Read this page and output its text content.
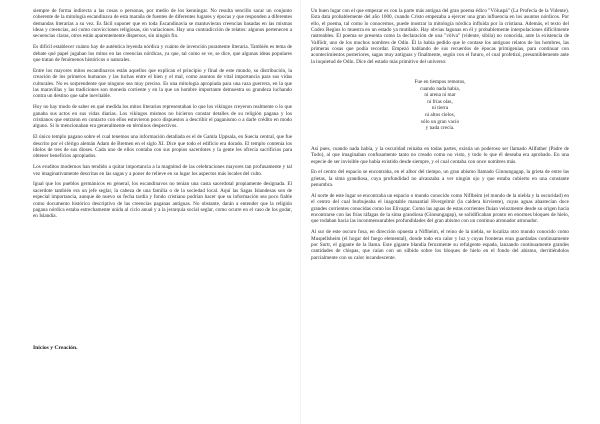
siempre de forma indirecta a las cosas o personas, por medio de los kenningar. No resulta sencillo sacar un conjunto coherente de la mitología escandinava de esta maraña de fuentes de diferentes lugares y épocas y que responden a diferentes demandas literarias a su vez. Es fácil suponer que en toda Escandinavia se mantuvieran creencias basadas en las mismas ideas y creencias, así como convicciones religiosas, sin variaciones. Hay una contradicción de relatos: algunos pertenecen a secuencias claras, otros están aparentemente dispersos, sin ningún fin.

Es difícil establecer cuánto hay de auténtica leyenda nórdica y cuánto de invención puramente literaria. También es tema de debate qué papel jugaban los mitos en las creencias nórdicas, ya que, tal como se ve, se dice, que algunas ideas populares que tratan de fenómenos históricos o naturales.

Entre los mayores mitos escandinavos están aquellos que explican el principio y final de este mundo, su distribución, la creación de los primeros humanos y las luchas entre el bien y el mal, como asuntos de vital importancia para sus vidas culturales. No es sorprendente que ninguno sea muy preciso. Es una mitología apropiada para una raza guerrera, en la que las maravillas y las tradiciones son moneda corriente y en la que un hombre importante demuestra su grandeza luchando contra un destino que sabe inevitable.

Hoy no hay modo de saber en qué medida los mitos literarios representaban lo que los vikingos creyeron realmente o lo que ganaba sus actos en sus vidas diarias. Los vikingos mismos no hicieron constar detalles de su religión pagana y los cristianos que entraron en contacto con ellos estuvieron poco dispuestos a describir el paganismo o a darle crédito en modo alguno. Si lo mencionaban era generalmente en términos despectivos.

El único templo pagano sobre el cual tenemos una información detallada es el de Gamla Uppsala, en Suecia central, que fue descrito por el clérigo alemán Adam de Bremen en el siglo XI. Dice que todo el edificio era dorado. El templo contenía los ídolos de tres de sus dioses. Cada uno de ellos contaba con sus propios sacerdotes y la gente les ofrecía sacrificios para obtener beneficios apropiados.

Los eruditos modernos han tendido a quitar importancia a la magnitud de las celebraciones mayores tan profusamente y tal vez imaginativamente descritas en las sagas y a poner de relieve en su lugar los aspectos más locales del culto.

Igual que los pueblos germánicos en general, los escandinavos no tenían una casta sacerdotal propiamente designada. El sacerdote también era un jefe seglar, la cabeza de una familia o de la sociedad local. Aquí las Sagas Islandesas son de especial importancia, aunque de nuevo su fecha tardía y fondo cristiano podrían hacer que su información sea poco fiable como documento histórico descriptivo de las creencias paganas antiguas. No obstante, darán a entender que la religión pagana nórdica estaba estrechamente unida al ciclo anual y a la jerarquía social seglar, como ocurre en el caso de los godar, en Islandia.

Inicios y Creación.

Un buen lugar con el que empezar es con la parte más antigua del gran poema édico "Völuspá" (La Profecía de la Vidente). Esta data probablemente del año 1000, cuando Cristo empezaba a ejercer una gran influencia en los asuntos nórdicos. Por ello, el poema, tal como lo conocemos, puede mostrar la mitología nórdica influida por la cristiana. Además, el texto del Codex Regius lo muestra en un estado ya mutilado. Hay obvias lagunas en él y probablemente interpolaciones difícilmente rastreables. El poema se presenta como la declaración de una "völva" (vidente, sibila) no conocida, ante la existencia de Valfödr, uno de los muchos nombres de Odín. Él la había pedido que le contase los antiguos relatos de los hombres, las primeras cosas que podía recordar. Empezó hablando de sus recuerdos de épocas primigenias, para continuar con acontecimientos posteriores, sagas muy antiguas y finalmente, según con el futuro, el cual profetizó, presumiblemente ante la inquietud de Odín. Dice del estado más primitivo del universo:

Fue en tiempos remotos,
cuando nada había,
ni arena ni mar
ni frías olas,
ni tierra
ni altos cielos,
sólo un gran vacío
y nada crecía.

Así pues, cuando nada había, y la oscuridad reinaba en todas partes, existía un poderoso ser llamado Allfather (Padre de Todo), al que imaginaban confusamente tanto no creado como no visto, y todo lo que él deseaba era aprobado. En una especie de ser invisible que había existido desde siempre, y el cual contaba con once nombres más.

En el centro del espacio se encontraba, en el albor del tiempo, un gran abismo llamado Ginnungagap, la grieta de entre las grietas, la sima grandiosa, cuya profundidad no alcanzaba a ver ningún ojo y que estaba cubierto en una constante penumbra.

Al norte de este lugar se encontraba un espacio o mundo conocido como Niflheim (el mundo de la niebla y la oscuridad) en el centro del cual burbujeaba el inagotable manantial Hvergelmir (la caldera hirviente), cuyas aguas abastecían doce grandes corrientes conocidas como los Elivagar. Como las aguas de estas corrientes fluían velozmente desde su origen hacia encontrarse con las frías ráfagas de la sima grandiosa (Ginnungagap), se solidificaban pronto en enormes bloques de hielo, que rodaban hacia las inconmensurables profundidades del gran abismo con un continuo atronador atronador.

Al sur de este oscuro fosa, en dirección opuesta a Niflheim, el reino de la niebla, se localiza otro mundo conocido como Muspellsheim (el hogar del fuego elemental), donde todo era calor y luz y cuyas fronteras eran guardadas continuamente por Surtr, el gigante de la llama. Este gigante blandía ferozmente su refulgente espada, lanzando continuamente grandes cantidades de chispas, que caían con un silbido sobre los bloques de hielo en el fondo del abismo, derritiéndolos parcialmente con su calor incandescente.
